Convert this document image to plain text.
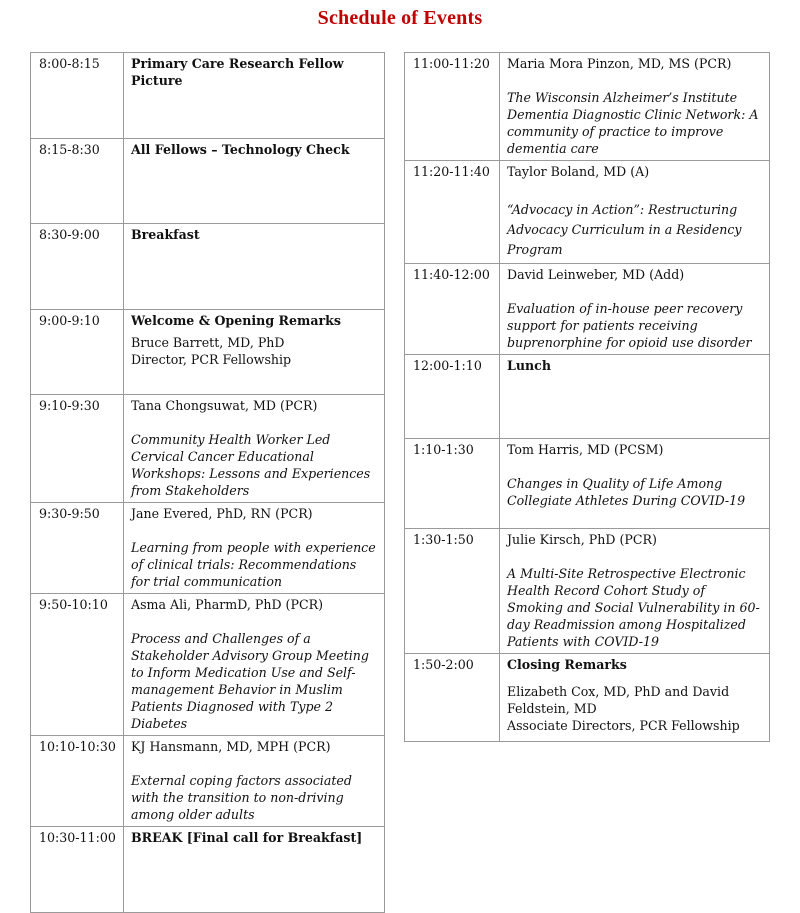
Schedule of Events
8:00-8:15	Primary Care Research Fellow Picture

8:15-8:30	All Fellows – Technology Check

8:30-9:00	Breakfast

9:00-9:10	Welcome & Opening Remarks
Bruce Barrett, MD, PhD
Director, PCR Fellowship

9:10-9:30	Tana Chongsuwat, MD (PCR)
Community Health Worker Led Cervical Cancer Educational Workshops: Lessons and Experiences from Stakeholders

9:30-9:50	Jane Evered, PhD, RN (PCR)
Learning from people with experience of clinical trials: Recommendations for trial communication

9:50-10:10	Asma Ali, PharmD, PhD (PCR)
Process and Challenges of a Stakeholder Advisory Group Meeting to Inform Medication Use and Self-management Behavior in Muslim Patients Diagnosed with Type 2 Diabetes

10:10-10:30	KJ Hansmann, MD, MPH (PCR)
External coping factors associated with the transition to non-driving among older adults

10:30-11:00	BREAK [Final call for Breakfast]
11:00-11:20	Maria Mora Pinzon, MD, MS (PCR)
The Wisconsin Alzheimer’s Institute Dementia Diagnostic Clinic Network: A community of practice to improve dementia care

11:20-11:40	Taylor Boland, MD (A)
“Advocacy in Action”: Restructuring Advocacy Curriculum in a Residency Program

11:40-12:00	David Leinweber, MD (Add)
Evaluation of in-house peer recovery support for patients receiving buprenorphine for opioid use disorder

12:00-1:10	Lunch

1:10-1:30	Tom Harris, MD (PCSM)
Changes in Quality of Life Among Collegiate Athletes During COVID-19

1:30-1:50	Julie Kirsch, PhD (PCR)
A Multi-Site Retrospective Electronic Health Record Cohort Study of Smoking and Social Vulnerability in 60-day Readmission among Hospitalized Patients with COVID-19

1:50-2:00	Closing Remarks
Elizabeth Cox, MD, PhD and David Feldstein, MD
Associate Directors, PCR Fellowship
